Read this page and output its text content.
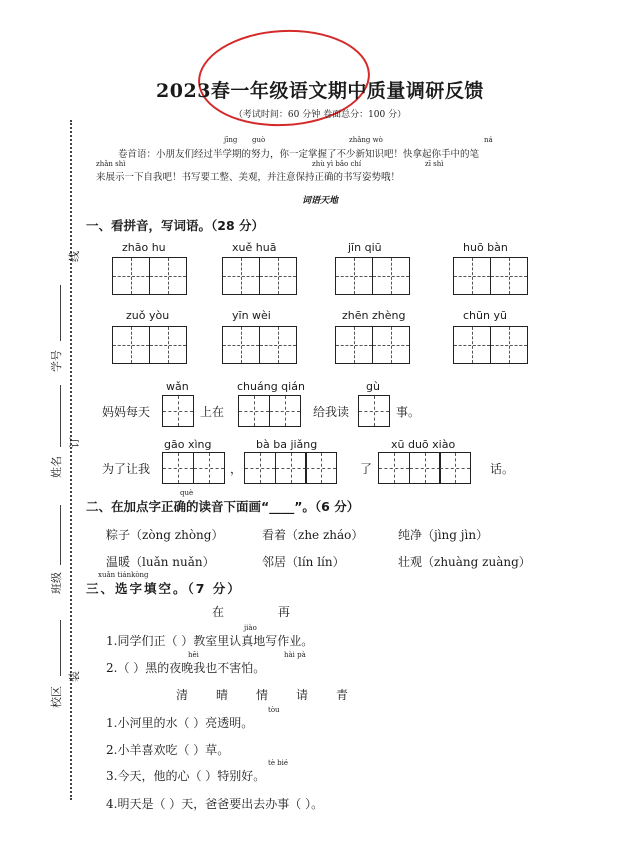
线
订
装
学号
姓名
班级
校区
2023春一年级语文期中质量调研反馈
（考试时间：60 分钟 卷面总分：100 分）
jīng guò	zhǎng wò	ná
卷首语：小朋友们经过半学期的努力，你一定掌握了不少新知识吧！快拿起你手中的笔
zhǎn shì	zhù yì bǎo chí	zī shì
来展示一下自我吧！书写要工整、美观，并注意保持正确的书写姿势哦！
词语天地
一、看拼音，写词语。（28 分）
zhāo hu	xuě huā	jīn qiū	huō bàn
zuǒ yòu	yīn wèi	zhēn zhèng	chūn yū
wǎn	chuáng qián	gù
妈妈每天	上在	给我读	事。
gāo xìng	bà ba jiǎng	xū duō xiào
为了让我	，	了	话。
què
二、在加点字正确的读音下面画“____”。（6 分）
粽子（zòng zhòng）	看着（zhe zháo）	纯净（jìng jìn）
温暖（luǎn nuǎn）	邻居（lín lín）	壮观（zhuàng zuàng）
xuǎn tiánkòng
三、选字填空。（7 分）
在	再
jiào
1.同学们正（ ）教室里认真地写作业。
hēi	hài pà
2.（ ）黑的夜晚我也不害怕。
清 晴 情 请 青
tòu
1.小河里的水（ ）亮透明。
2.小羊喜欢吃（ ）草。
tè bié
3.今天，他的心（ ）特别好。
4.明天是（ ）天，爸爸要出去办事（ ）。
